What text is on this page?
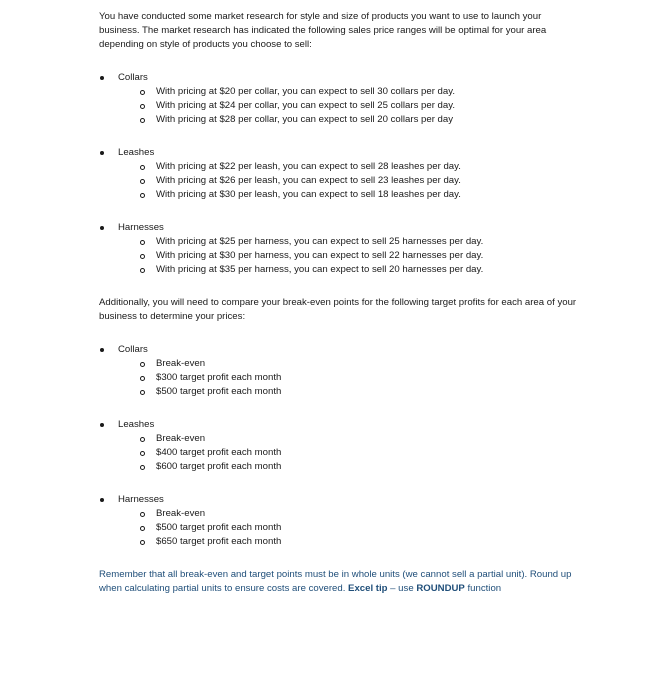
You have conducted some market research for style and size of products you want to use to launch your business. The market research has indicated the following sales price ranges will be optimal for your area depending on style of products you choose to sell:

Collars
With pricing at $20 per collar, you can expect to sell 30 collars per day.
With pricing at $24 per collar, you can expect to sell 25 collars per day.
With pricing at $28 per collar, you can expect to sell 20 collars per day
Leashes
With pricing at $22 per leash, you can expect to sell 28 leashes per day.
With pricing at $26 per leash, you can expect to sell 23 leashes per day.
With pricing at $30 per leash, you can expect to sell 18 leashes per day.
Harnesses
With pricing at $25 per harness, you can expect to sell 25 harnesses per day.
With pricing at $30 per harness, you can expect to sell 22 harnesses per day.
With pricing at $35 per harness, you can expect to sell 20 harnesses per day.

Additionally, you will need to compare your break-even points for the following target profits for each area of your business to determine your prices:

Collars
Break-even
$300 target profit each month
$500 target profit each month
Leashes
Break-even
$400 target profit each month
$600 target profit each month
Harnesses
Break-even
$500 target profit each month
$650 target profit each month

Remember that all break-even and target points must be in whole units (we cannot sell a partial unit). Round up when calculating partial units to ensure costs are covered. Excel tip – use ROUNDUP function
